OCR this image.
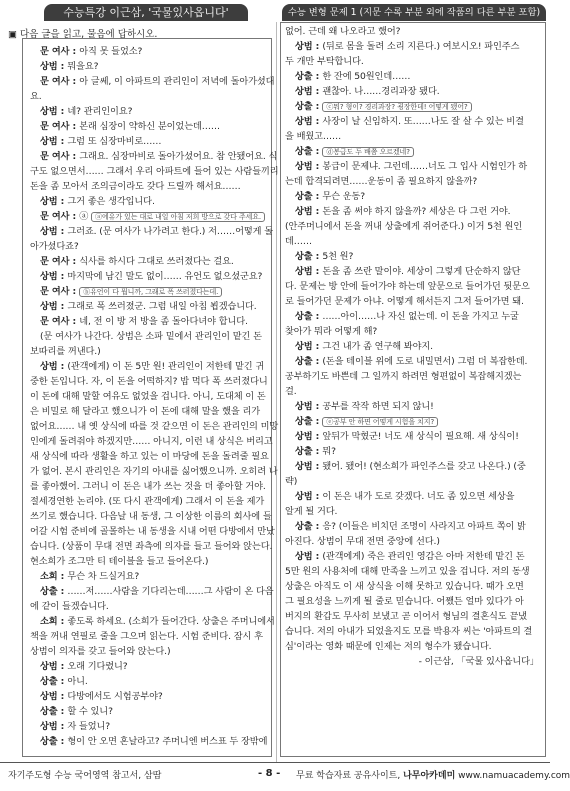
수능특강 이근삼, '국물있사옵니다'	수능 변형 문제 1 (지문 수록 부분 외에 작품의 다른 부분 포함)
▣ 다음 글을 읽고, 물음에 답하시오.
문 여사 : 아직 못 들었소?
상범 : 뭐을요?
문 여사 : 아 글쎄, 이 아파트의 관리인이 저녁에 돌아가셨대
요.
상범 : 네? 관리인이요?
문 여사 : 본래 심장이 약하신 분이었는데……
상범 : 그럼 또 심장마비로……
문 여사 : 그래요. 심장마비로 돌아가셨어요. 참 안됐어요. 식
구도 없으면서…… 그래서 우리 아파트에 들어 있는 사람들끼리
돈을 좀 모아서 조의금이라도 갖다 드릴까 해서요……
상범 : 그거 좋은 생각입니다.
문 여사 : ⓐ ⓐ에유가 있는 대로 내일 아침 저희 방으로 갖다 주세요.
상범 : 그러죠. (문 여사가 나가려고 한다.) 저……어떻게 돌
아가셨다죠?
문 여사 : 식사를 하시다 그대로 쓰러졌다는 걸요.
상범 : 마지막에 남긴 말도 없이…… 유언도 없으셨군요?
문 여사 : ⓑ유언이 다 뭡니까, 그래로 폭 쓰러졌다는데.
상범 : 그래로 폭 쓰러졌군. 그럼 내일 아침 뵙겠습니다.
문 여사 : 네, 전 이 방 저 방을 좀 돌아다녀야 합니다.
(문 여사가 나간다. 상범은 소파 밑에서 관리인이 맡긴 돈
보따리를 꺼낸다.)
상범 : (관객에게) 이 돈 5만 원! 관리인이 저한테 맡긴 귀
중한 돈입니다. 자, 이 돈을 어떡하지? 밥 먹다 폭 쓰러졌다니
이 돈에 대해 말할 여유도 없었을 겁니다. 아니, 도대체 이 돈
은 비밀로 해 달라고 했으니가 이 돈에 대해 말을 했을 리가
없어요…… 내 옛 상식에 따를 것 같으면 이 돈은 관리인의 미망
인에게 돌려줘야 하겠지만…… 아니지, 이런 내 상식은 버리고
새 상식에 따라 생활을 하고 있는 이 마당에 돈을 돌려줄 필요
가 없어. 본시 관리인은 자기의 아내를 싫어했으니까. 오히려 나
를 좋아했어. 그러니 이 돈은 내가 쓰는 것을 더 좋아할 거야.
절세경연한 논리야. (또 다시 관객에게) 그래서 이 돈을 제가
쓰기로 했습니다. 다음날 내 동생, 그 이상한 이름의 회사에 들
어갈 시험 준비에 골몰하는 내 동생을 시내 어떤 다방에서 만났
습니다. (상품이 무대 전면 좌측에 의자를 들고 들어와 앉는다.
현소희가 조그만 티 테이블을 들고 들어온다.)
소희 : 무슨 차 드실거요?
상출 : ……저……사람을 기다리는데……그 사람이 온 다음
에 같이 들겠습니다.
소희 : 좋도록 하세요. (소희가 들어간다. 상출은 주머니에서
책을 꺼내 연필로 줄을 그으며 읽는다. 시험 준비다. 잠시 후
상범이 의자를 갖고 들어와 앉는다.)
상범 : 오래 기다렸니?
상출 : 아니.
상범 : 다방에서도 시험공부야?
상출 : 할 수 있니?
상범 : 자 들었니?
상출 : 형이 안 오면 혼날라고? 주머니엔 버스표 두 장밖에
없어. 근데 왜 나오라고 했어?
상범 : (뒤로 몸을 돌려 소리 지른다.) 여보시오! 파인주스
두 개만 부탁합니다.
상출 : 한 잔에 50원인데……
상범 : 괜찮아. 나……경리과장 됐다.
상출 : ⓒ뭐? 형이? 경리과장? 굉장한데! 어떻게 됐어?
상범 : 사장이 날 신임하지. 또……나도 잘 살 수 있는 비결
을 배웠고……
상출 : ⓓ봉급도 두 배쯤 오르겠네?
상범 : 봉급이 문제냐. 그런데……너도 그 입사 시험인가 하
는데 합격되려면……운동이 좀 필요하지 않을까?
상출 : 무슨 운동?
상범 : 돈을 좀 써야 하지 않을까? 세상은 다 그런 거야.
(안주머니에서 돈을 꺼내 상출에게 쥐어준다.) 이거 5천 원인
데……
상출 : 5천 원?
상범 : 돈을 좀 쓰란 말이야. 세상이 그렇게 단순하지 않단
다. 문제는 방 안에 들어가야 하는데 앞문으로 들어가던 뒷문으
로 들어가던 문제가 아냐. 어떻게 해서든지 그저 들어가면 돼.
상출 : ……아이……나 자신 없는데. 이 돈을 가지고 누굴
찾아가 뭐라 어떻게 해?
상범 : 그건 내가 좀 연구해 봐야지.
상출 : (돈을 테이블 위에 도로 내밀면서) 그럼 더 복잡한데.
공부하기도 바쁜데 그 일까지 하려면 형편없이 복잡해지겠는
걸.
상범 : 공부를 작작 하면 되지 않니!
상출 : ⓔ공부 안 하면 어떻게 시험을 치지?
상범 : 앞뒤가 막혔군! 너도 새 상식이 필요해. 새 상식이!
상출 : 뭐?
상범 : 됐어. 됐어! (현소희가 파인주스를 갖고 나온다.) (중
략)
상범 : 이 돈은 내가 도로 갖겠다. 너도 좀 있으면 세상을
알게 될 거다.
상출 : 응? (이들은 비치던 조명이 사라지고 아파트 쪽이 밝
아진다. 상범이 무대 전면 중앙에 선다.)
상범 : (관객에게) 죽은 관리인 영감은 아마 저한테 맡긴 돈
5만 원의 사용처에 대해 만족을 느끼고 있을 겁니다. 저의 동생
상출은 아직도 이 새 상식을 이해 못하고 있습니다. 때가 오면
그 필요성을 느끼게 될 줄로 믿습니다. 어쨌든 얼마 있다가 아
버지의 환갑도 무사히 보냈고 곧 이어서 형님의 결혼식도 끝냈
습니다. 저의 아내가 되었을지도 모를 박용자 씨는 '아파트의 결
심'이라는 영화 때문에 인제는 저의 형수가 됐습니다.
- 이근삼, 「국물 있사옵니다」
자기주도형 수능 국어영역 참고서, 삼땀	- 8 - 무료 학습자료 공유사이트, 나무아카데미 www.namuacademy.com
